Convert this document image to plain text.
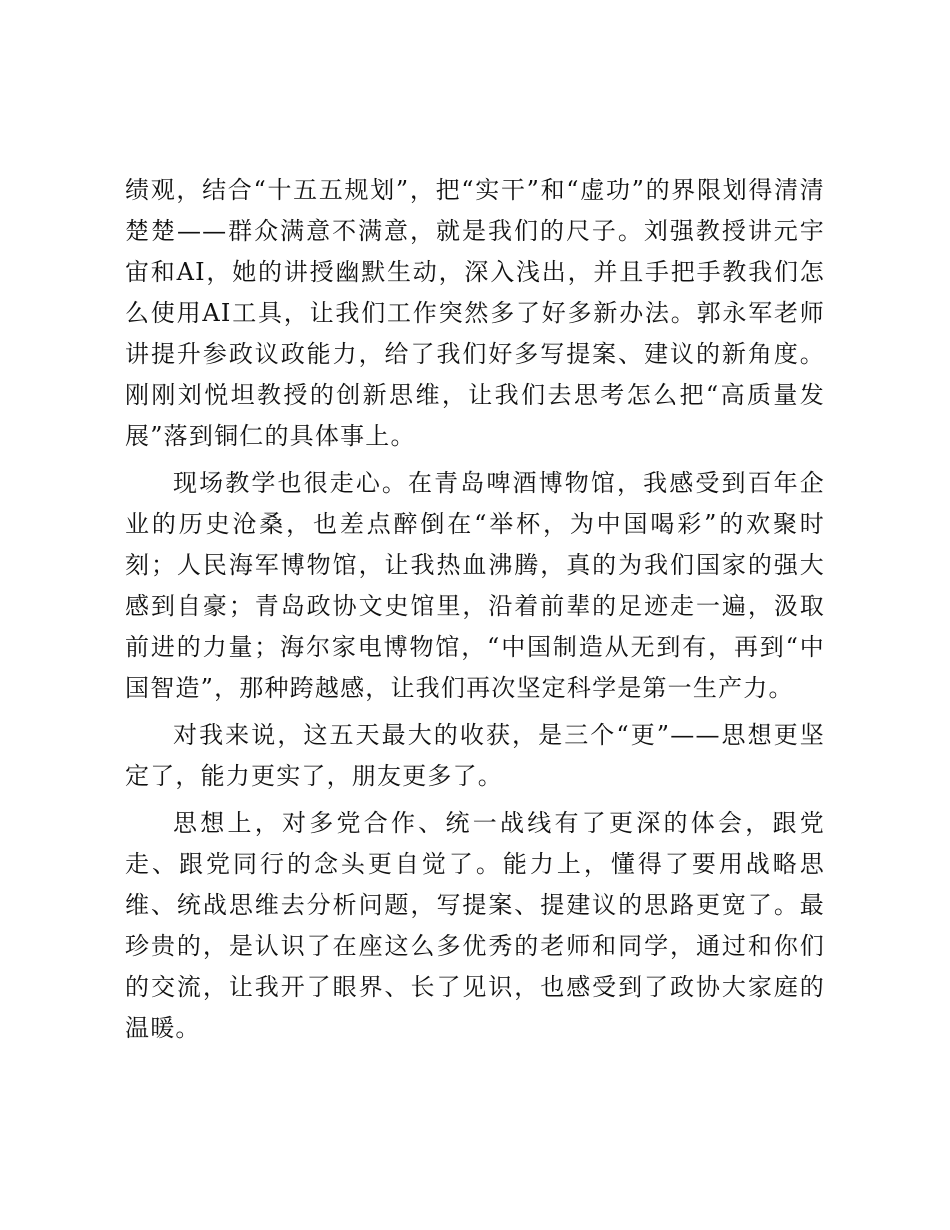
绩观，结合“十五五规划”，把“实干”和“虚功”的界限划得清清楚楚——群众满意不满意，就是我们的尺子。刘强教授讲元宇宙和AI，她的讲授幽默生动，深入浅出，并且手把手教我们怎么使用AI工具，让我们工作突然多了好多新办法。郭永军老师讲提升参政议政能力，给了我们好多写提案、建议的新角度。刚刚刘悦坦教授的创新思维，让我们去思考怎么把“高质量发展”落到铜仁的具体事上。

现场教学也很走心。在青岛啤酒博物馆，我感受到百年企业的历史沧桑，也差点醉倒在“举杯，为中国喝彩”的欢聚时刻；人民海军博物馆，让我热血沸腾，真的为我们国家的强大感到自豪；青岛政协文史馆里，沿着前辈的足迹走一遍，汲取前进的力量；海尔家电博物馆，“中国制造从无到有，再到“中国智造”，那种跨越感，让我们再次坚定科学是第一生产力。

对我来说，这五天最大的收获，是三个“更”——思想更坚定了，能力更实了，朋友更多了。

思想上，对多党合作、统一战线有了更深的体会，跟党走、跟党同行的念头更自觉了。能力上，懂得了要用战略思维、统战思维去分析问题，写提案、提建议的思路更宽了。最珍贵的，是认识了在座这么多优秀的老师和同学，通过和你们的交流，让我开了眼界、长了见识，也感受到了政协大家庭的温暖。
